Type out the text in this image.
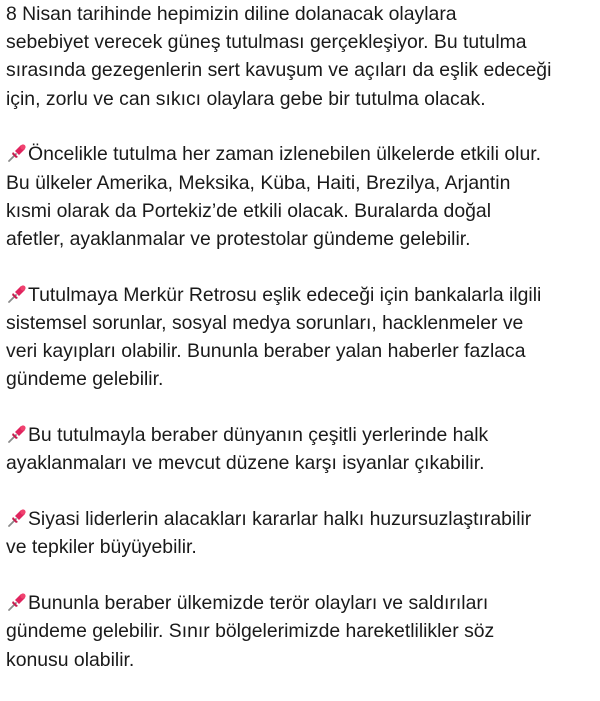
8 Nisan tarihinde hepimizin diline dolanacak olaylara
sebebiyet verecek güneş tutulması gerçekleşiyor. Bu tutulma
sırasında gezegenlerin sert kavuşum ve açıları da eşlik edeceği
için, zorlu ve can sıkıcı olaylara gebe bir tutulma olacak.

Öncelikle tutulma her zaman izlenebilen ülkelerde etkili olur.
Bu ülkeler Amerika, Meksika, Küba, Haiti, Brezilya, Arjantin
kısmi olarak da Portekiz’de etkili olacak. Buralarda doğal
afetler, ayaklanmalar ve protestolar gündeme gelebilir.

Tutulmaya Merkür Retrosu eşlik edeceği için bankalarla ilgili
sistemsel sorunlar, sosyal medya sorunları, hacklenmeler ve
veri kayıpları olabilir. Bununla beraber yalan haberler fazlaca
gündeme gelebilir.

Bu tutulmayla beraber dünyanın çeşitli yerlerinde halk
ayaklanmaları ve mevcut düzene karşı isyanlar çıkabilir.

Siyasi liderlerin alacakları kararlar halkı huzursuzlaştırabilir
ve tepkiler büyüyebilir.

Bununla beraber ülkemizde terör olayları ve saldırıları
gündeme gelebilir. Sınır bölgelerimizde hareketlilikler söz
konusu olabilir.
